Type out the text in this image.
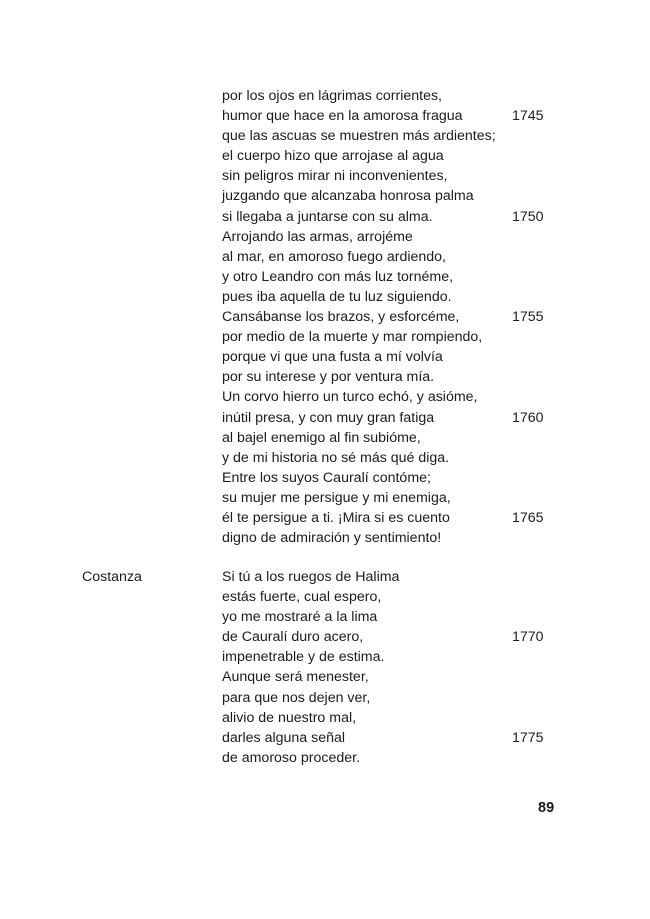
por los ojos en lágrimas corrientes,
humor que hace en la amorosa fragua	1745
que las ascuas se muestren más ardientes;
el cuerpo hizo que arrojase al agua
sin peligros mirar ni inconvenientes,
juzgando que alcanzaba honrosa palma
si llegaba a juntarse con su alma.	1750
Arrojando las armas, arrojéme
al mar, en amoroso fuego ardiendo,
y otro Leandro con más luz tornéme,
pues iba aquella de tu luz siguiendo.
Cansábanse los brazos, y esforcéme,	1755
por medio de la muerte y mar rompiendo,
porque vi que una fusta a mí volvía
por su interese y por ventura mía.
Un corvo hierro un turco echó, y asióme,
inútil presa, y con muy gran fatiga	1760
al bajel enemigo al fin subióme,
y de mi historia no sé más qué diga.
Entre los suyos Cauralí contóme;
su mujer me persigue y mi enemiga,
él te persigue a ti. ¡Mira si es cuento	1765
digno de admiración y sentimiento!
Costanza	Si tú a los ruegos de Halima
estás fuerte, cual espero,
yo me mostraré a la lima
de Cauralí duro acero,	1770
impenetrable y de estima.
Aunque será menester,
para que nos dejen ver,
alivio de nuestro mal,
darles alguna señal	1775
de amoroso proceder.
89
